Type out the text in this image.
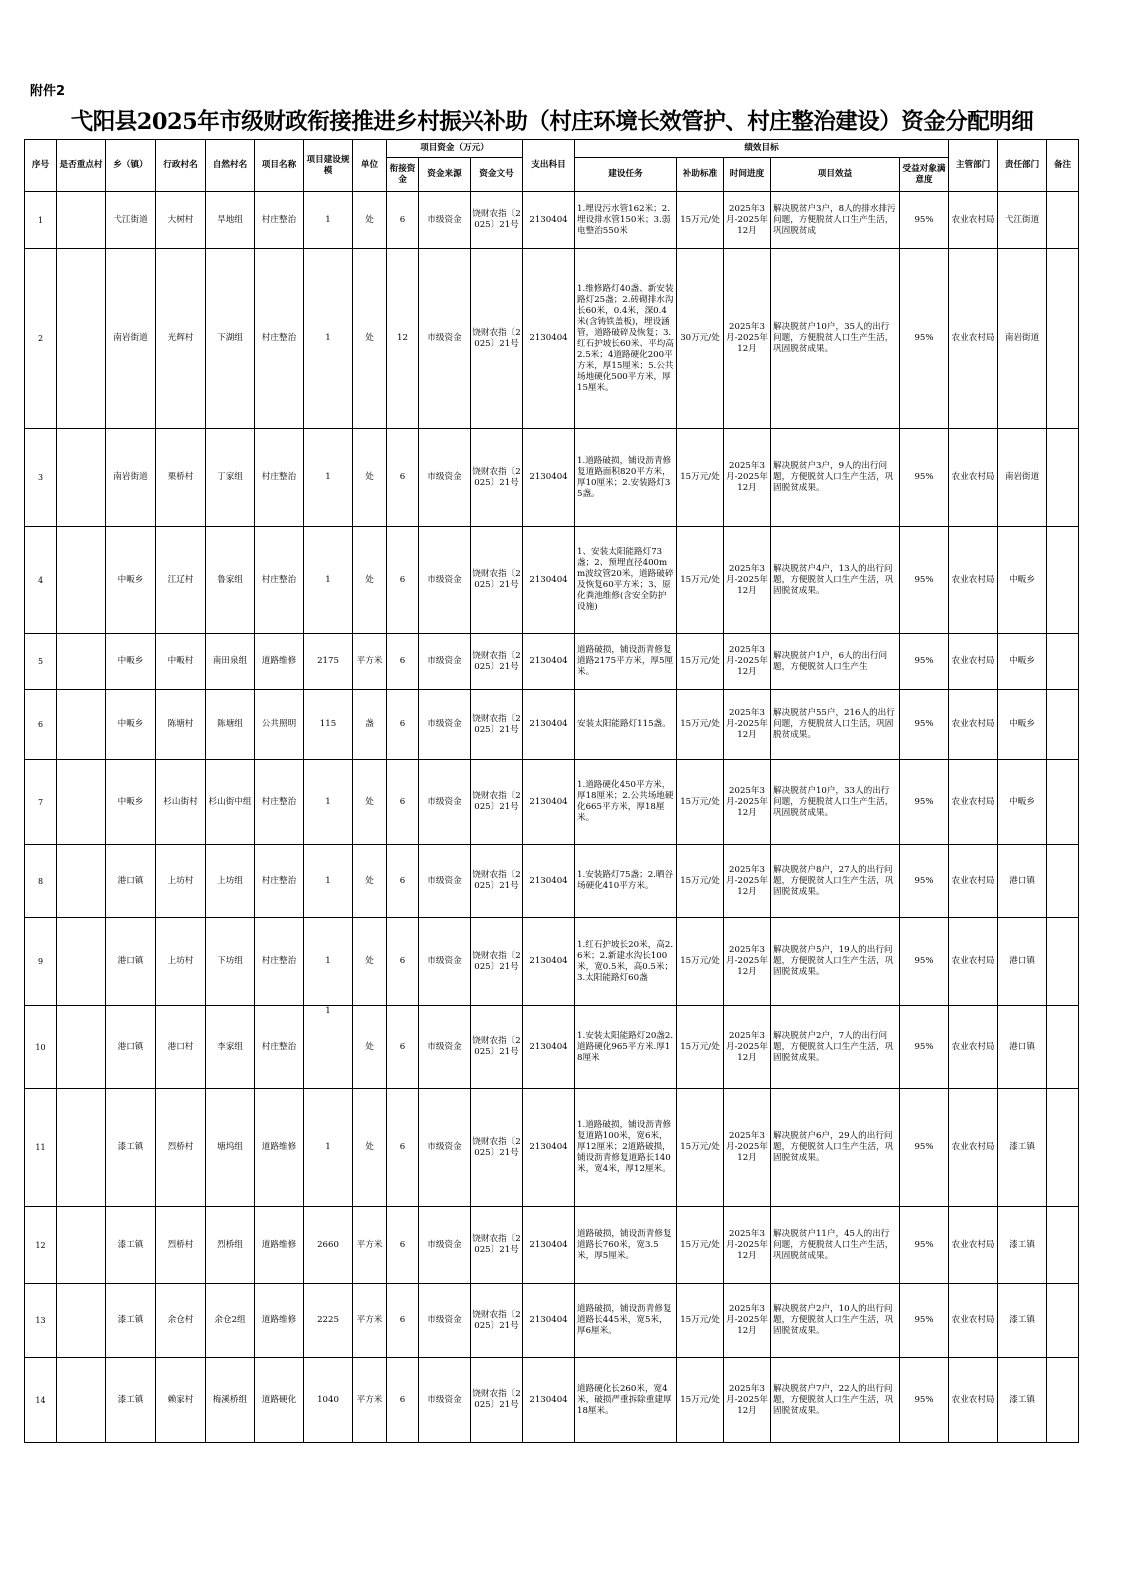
附件2
弋阳县2025年市级财政衔接推进乡村振兴补助（村庄环境长效管护、村庄整治建设）资金分配明细
序号	是否重点村	乡（镇）	行政村名	自然村名	项目名称	项目建设规模	单位	项目资金（万元）			支出科目	绩效目标					主管部门	责任部门	备注
								衔接资金	资金来源	资金文号		建设任务	补助标准	时间进度	项目效益	受益对象满意度			
1		弋江街道	大树村	旱地组	村庄整治	1	处	6	市级资金	饶财农指〔2025〕21号	2130404	1.埋设污水管162米；2.埋设排水管150米；3.弱电整治550米	15万元/处	2025年3月-2025年12月	解决脱贫户3户，8人的排水排污问题，方便脱贫人口生产生活，巩固脱贫成	95%	农业农村局	弋江街道	
2		南岩街道	光辉村	下湖组	村庄整治	1	处	12	市级资金	饶财农指〔2025〕21号	2130404	1.维修路灯40盏、新安装路灯25盏；2.砖砌排水沟长60米，0.4米，深0.4米(含铸铁盖板)，埋设涵管，道路破碎及恢复；3.红石护坡长60米、平均高2.5米；4道路硬化200平方米，厚15厘米；5.公共场地硬化500平方米，厚15厘米。	30万元/处	2025年3月-2025年12月	解决脱贫户10户，35人的出行问题，方便脱贫人口生产生活，巩固脱贫成果。	95%	农业农村局	南岩街道	
3		南岩街道	栗桥村	丁家组	村庄整治	1	处	6	市级资金	饶财农指〔2025〕21号	2130404	1.道路破损，铺设沥青修复道路面积820平方米，厚10厘米；2.安装路灯35盏。	15万元/处	2025年3月-2025年12月	解决脱贫户3户，9人的出行问题，方便脱贫人口生产生活，巩固脱贫成果。	95%	农业农村局	南岩街道	
4		中畈乡	江辽村	鲁家组	村庄整治	1	处	6	市级资金	饶财农指〔2025〕21号	2130404	1、安装太阳能路灯73盏；2、预埋直径400mm波纹管20米，道路破碎及恢复60平方米；3、原化粪池维修(含安全防护设施)	15万元/处	2025年3月-2025年12月	解决脱贫户4户，13人的出行问题，方便脱贫人口生产生活，巩固脱贫成果。	95%	农业农村局	中畈乡	
5		中畈乡	中畈村	南田泉组	道路维修	2175	平方米	6	市级资金	饶财农指〔2025〕21号	2130404	道路破损，铺设沥青修复道路2175平方米，厚5厘米。	15万元/处	2025年3月-2025年12月	解决脱贫户1户，6人的出行问题，方便脱贫人口生产生	95%	农业农村局	中畈乡	
6		中畈乡	陈塘村	陈塘组	公共照明	115	盏	6	市级资金	饶财农指〔2025〕21号	2130404	安装太阳能路灯115盏。	15万元/处	2025年3月-2025年12月	解决脱贫户55户，216人的出行问题，方便脱贫人口生活，巩固脱贫成果。	95%	农业农村局	中畈乡	
7		中畈乡	杉山街村	杉山街中组	村庄整治	1	处	6	市级资金	饶财农指〔2025〕21号	2130404	1.道路硬化450平方米，厚18厘米；2.公共场地硬化665平方米，厚18厘米。	15万元/处	2025年3月-2025年12月	解决脱贫户10户，33人的出行问题，方便脱贫人口生产生活，巩固脱贫成果。	95%	农业农村局	中畈乡	
8		港口镇	上坊村	上坊组	村庄整治	1	处	6	市级资金	饶财农指〔2025〕21号	2130404	1.安装路灯75盏；2.晒谷场硬化410平方米。	15万元/处	2025年3月-2025年12月	解决脱贫户8户，27人的出行问题，方便脱贫人口生产生活，巩固脱贫成果。	95%	农业农村局	港口镇	
9		港口镇	上坊村	下坊组	村庄整治	1	处	6	市级资金	饶财农指〔2025〕21号	2130404	1.红石护坡长20米，高2.6米；2.新建水沟长100米，宽0.5米，高0.5米；3.太阳能路灯60盏	15万元/处	2025年3月-2025年12月	解决脱贫户5户，19人的出行问题，方便脱贫人口生产生活，巩固脱贫成果。	95%	农业农村局	港口镇	
10		港口镇	港口村	李家组	村庄整治	1	处	6	市级资金	饶财农指〔2025〕21号	2130404	1.安装太阳能路灯20盏2.道路硬化965平方米.厚18厘米	15万元/处	2025年3月-2025年12月	解决脱贫户2户，7人的出行问题，方便脱贫人口生产生活，巩固脱贫成果。	95%	农业农村局	港口镇	
11		漆工镇	烈桥村	塘坞组	道路维修	1	处	6	市级资金	饶财农指〔2025〕21号	2130404	1.道路破损，铺设沥青修复道路100米，宽6米，厚12厘米；2道路破损，铺设沥青修复道路长140米，宽4米，厚12厘米。	15万元/处	2025年3月-2025年12月	解决脱贫户6户，29人的出行问题，方便脱贫人口生产生活，巩固脱贫成果。	95%	农业农村局	漆工镇	
12		漆工镇	烈桥村	烈桥组	道路维修	2660	平方米	6	市级资金	饶财农指〔2025〕21号	2130404	道路破损，铺设沥青修复道路长760米，宽3.5米，厚5厘米。	15万元/处	2025年3月-2025年12月	解决脱贫户11户，45人的出行问题，方便脱贫人口生产生活，巩固脱贫成果。	95%	农业农村局	漆工镇	
13		漆工镇	余仓村	余仓2组	道路维修	2225	平方米	6	市级资金	饶财农指〔2025〕21号	2130404	道路破损，铺设沥青修复道路长445米，宽5米，厚6厘米。	15万元/处	2025年3月-2025年12月	解决脱贫户2户，10人的出行问题，方便脱贫人口生产生活，巩固脱贫成果。	95%	农业农村局	漆工镇	
14		漆工镇	赖家村	梅溪桥组	道路硬化	1040	平方米	6	市级资金	饶财农指〔2025〕21号	2130404	道路硬化长260米，宽4米，破损严重拆除重建厚18厘米。	15万元/处	2025年3月-2025年12月	解决脱贫户7户，22人的出行问题，方便脱贫人口生产生活，巩固脱贫成果。	95%	农业农村局	漆工镇	
